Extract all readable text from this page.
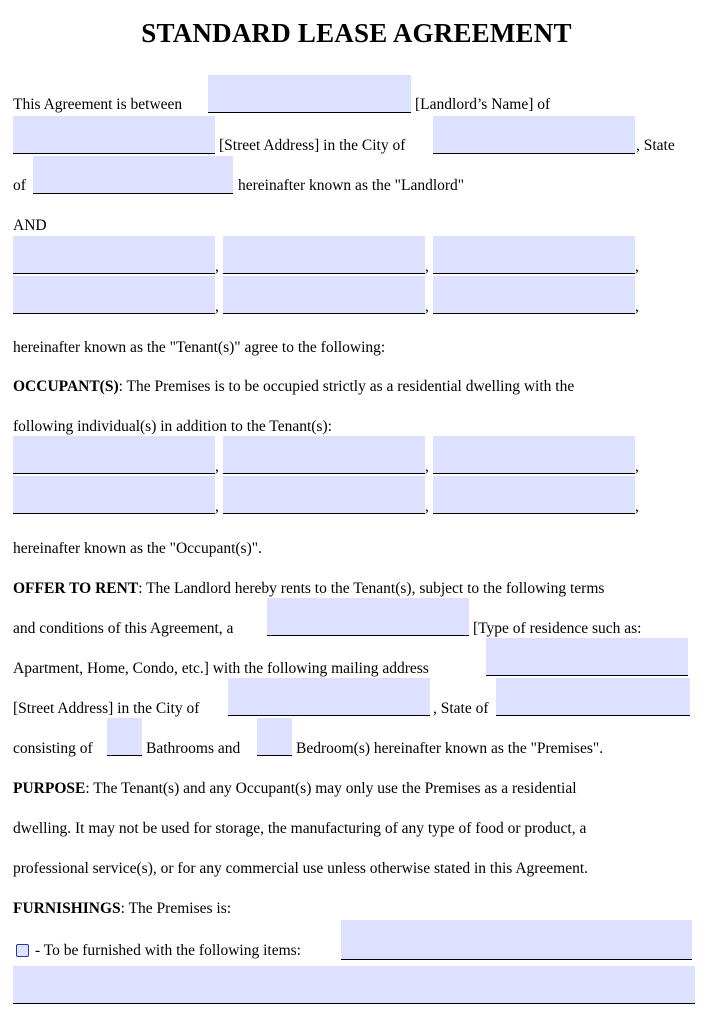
STANDARD LEASE AGREEMENT
This Agreement is between	[Landlord’s Name] of
[Street Address] in the City of	, State
of	hereinafter known as the "Landlord"
AND
,	,	,
,	,	,
hereinafter known as the "Tenant(s)" agree to the following:
OCCUPANT(S): The Premises is to be occupied strictly as a residential dwelling with the
following individual(s) in addition to the Tenant(s):
,	,	,
,	,	,
hereinafter known as the "Occupant(s)".
OFFER TO RENT: The Landlord hereby rents to the Tenant(s), subject to the following terms
and conditions of this Agreement, a	[Type of residence such as:
Apartment, Home, Condo, etc.] with the following mailing address
[Street Address] in the City of	, State of
consisting of	Bathrooms and	Bedroom(s) hereinafter known as the "Premises".
PURPOSE: The Tenant(s) and any Occupant(s) may only use the Premises as a residential
dwelling. It may not be used for storage, the manufacturing of any type of food or product, a
professional service(s), or for any commercial use unless otherwise stated in this Agreement.
FURNISHINGS: The Premises is:
- To be furnished with the following items:
